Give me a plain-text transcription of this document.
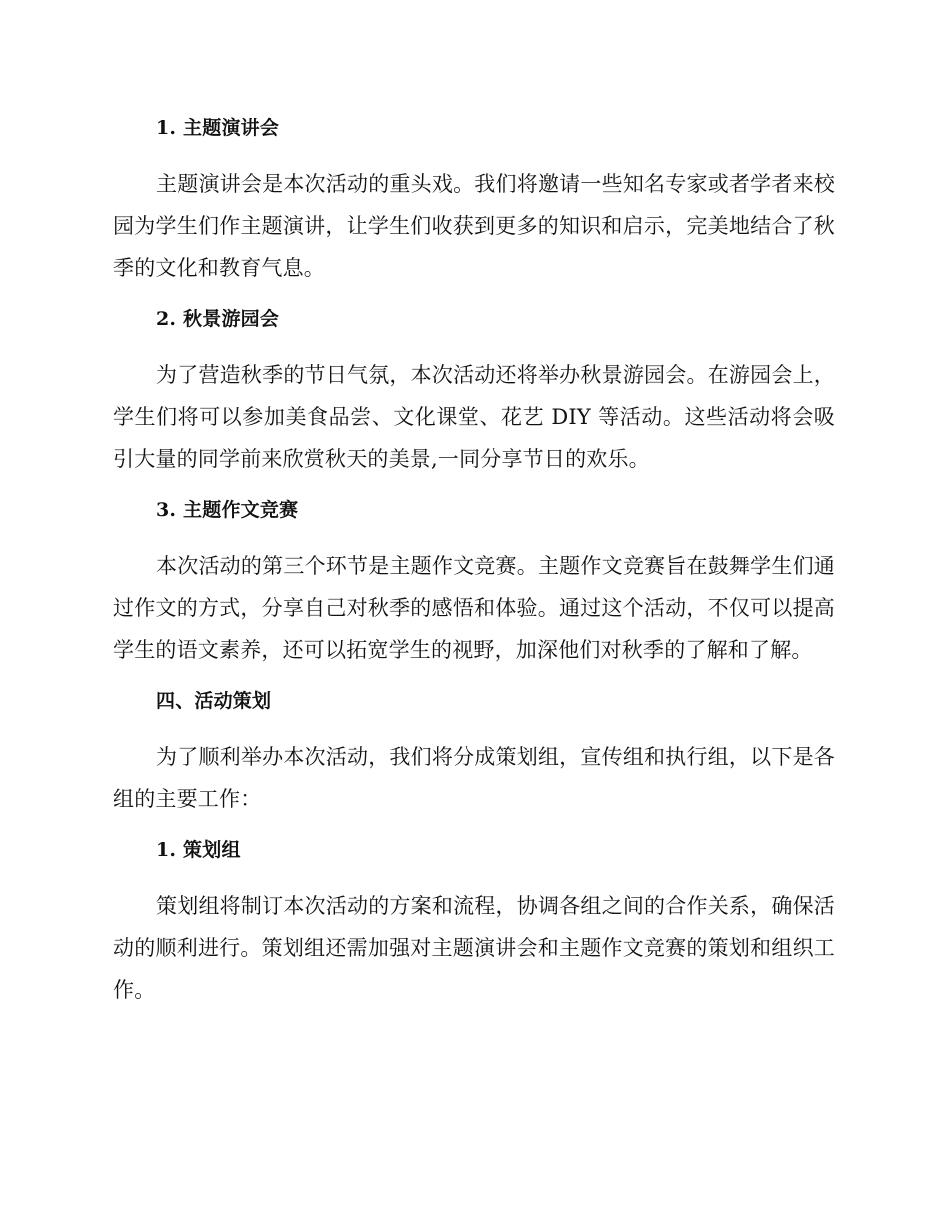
1. 主题演讲会

主题演讲会是本次活动的重头戏。我们将邀请一些知名专家或者学者来校园为学生们作主题演讲，让学生们收获到更多的知识和启示，完美地结合了秋季的文化和教育气息。

2. 秋景游园会

为了营造秋季的节日气氛，本次活动还将举办秋景游园会。在游园会上，学生们将可以参加美食品尝、文化课堂、花艺 DIY 等活动。这些活动将会吸引大量的同学前来欣赏秋天的美景,一同分享节日的欢乐。

3. 主题作文竞赛

本次活动的第三个环节是主题作文竞赛。主题作文竞赛旨在鼓舞学生们通过作文的方式，分享自己对秋季的感悟和体验。通过这个活动，不仅可以提高学生的语文素养，还可以拓宽学生的视野，加深他们对秋季的了解和了解。

四、活动策划

为了顺利举办本次活动，我们将分成策划组，宣传组和执行组，以下是各组的主要工作：

1. 策划组

策划组将制订本次活动的方案和流程，协调各组之间的合作关系，确保活动的顺利进行。策划组还需加强对主题演讲会和主题作文竞赛的策划和组织工作。
